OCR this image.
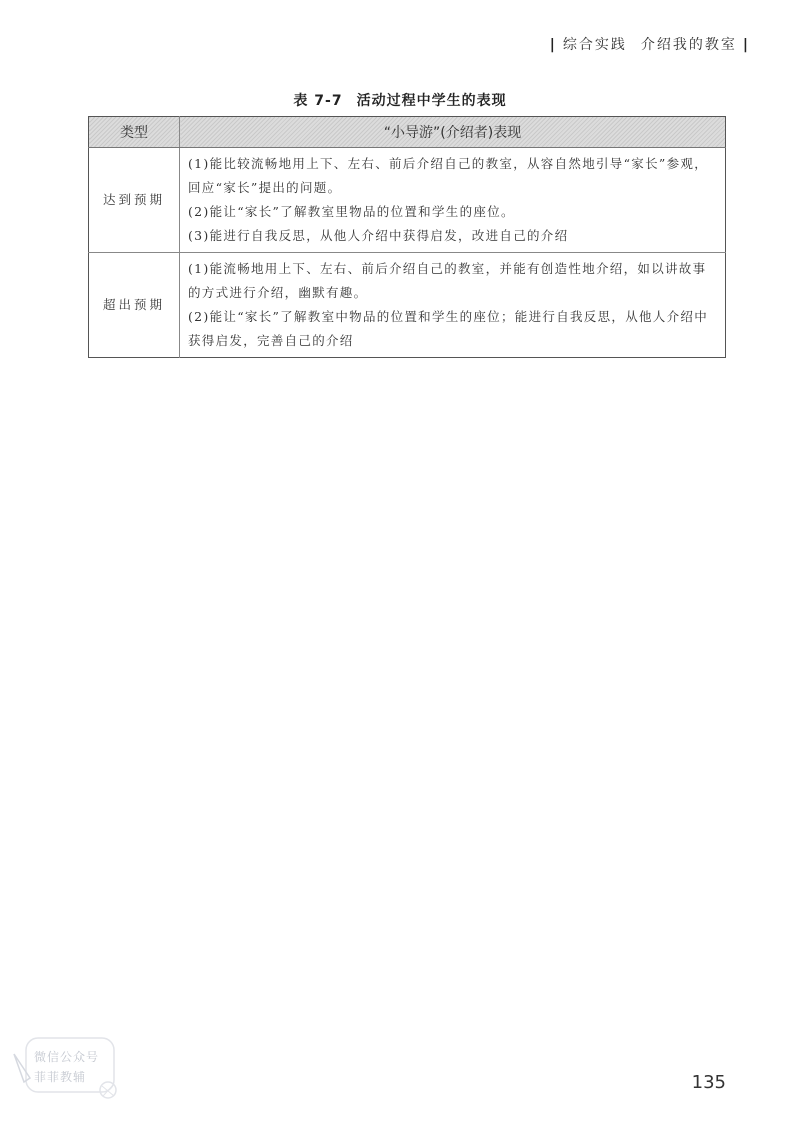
| 综合实践 介绍我的教室 |
表 7-7 活动过程中学生的表现
类型	“小导游”(介绍者)表现
达到预期	(1)能比较流畅地用上下、左右、前后介绍自己的教室，从容自然地引导“家长”参观，回应“家长”提出的问题。

(2)能让“家长”了解教室里物品的位置和学生的座位。

(3)能进行自我反思，从他人介绍中获得启发，改进自己的介绍

超出预期	(1)能流畅地用上下、左右、前后介绍自己的教室，并能有创造性地介绍，如以讲故事的方式进行介绍，幽默有趣。

(2)能让“家长”了解教室中物品的位置和学生的座位；能进行自我反思，从他人介绍中获得启发，完善自己的介绍

135
微信公众号
菲菲教辅
